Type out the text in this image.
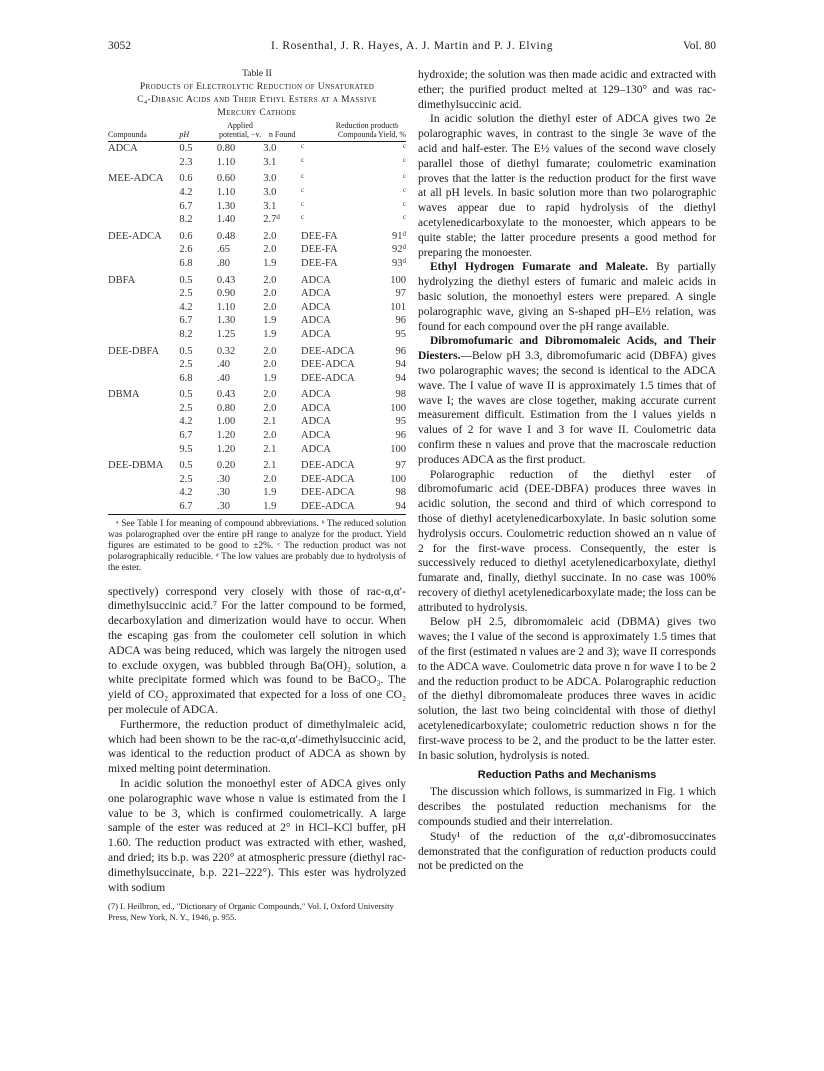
3052	I. Rosenthal, J. R. Hayes, A. J. Martin and P. J. Elving	Vol. 80
Table II
Products of Electrolytic Reduction of Unsaturated
C₄-Dibasic Acids and Their Ethyl Esters at a Massive
Mercury Cathode
Compounda	pH	Applied potential, −v.	n Found	Reduction productb
Compounda	Yield, %
ADCA	0.5	0.80	3.0	$^c$	$^c$
	2.3	1.10	3.1	$^c$	$^c$
MEE-ADCA	0.6	0.60	3.0	$^c$	$^c$
	4.2	1.10	3.0	$^c$	$^c$
	6.7	1.30	3.1	$^c$	$^c$
	8.2	1.40	2.7$^d$	$^c$	$^c$
DEE-ADCA	0.6	0.48	2.0	DEE-FA	91$^d$
	2.6	.65	2.0	DEE-FA	92$^d$
	6.8	.80	1.9	DEE-FA	93$^d$
DBFA	0.5	0.43	2.0	ADCA	100
	2.5	0.90	2.0	ADCA	97
	4.2	1.10	2.0	ADCA	101
	6.7	1.30	1.9	ADCA	96
	8.2	1.25	1.9	ADCA	95
DEE-DBFA	0.5	0.32	2.0	DEE-ADCA	96
	2.5	.40	2.0	DEE-ADCA	94
	6.8	.40	1.9	DEE-ADCA	94
DBMA	0.5	0.43	2.0	ADCA	98
	2.5	0.80	2.0	ADCA	100
	4.2	1.00	2.1	ADCA	95
	6.7	1.20	2.0	ADCA	96
	9.5	1.20	2.1	ADCA	100
DEE-DBMA	0.5	0.20	2.1	DEE-ADCA	97
	2.5	.30	2.0	DEE-ADCA	100
	4.2	.30	1.9	DEE-ADCA	98
	6.7	.30	1.9	DEE-ADCA	94

ᵃ See Table I for meaning of compound abbreviations. ᵇ The reduced solution was polarographed over the entire pH range to analyze for the product. Yield figures are estimated to be good to ±2%. ᶜ The reduction product was not polarographically reducible. ᵈ The low values are probably due to hydrolysis of the ester.

spectively) correspond very closely with those of rac-α,α′-dimethylsuccinic acid.⁷ For the latter compound to be formed, decarboxylation and dimerization would have to occur. When the escaping gas from the coulometer cell solution in which ADCA was being reduced, which was largely the nitrogen used to exclude oxygen, was bubbled through Ba(OH)₂ solution, a white precipitate formed which was found to be BaCO₃. The yield of CO₂ approximated that expected for a loss of one CO₂ per molecule of ADCA.

Furthermore, the reduction product of dimethylmaleic acid, which had been shown to be the rac-α,α′-dimethylsuccinic acid, was identical to the reduction product of ADCA as shown by mixed melting point determination.

In acidic solution the monoethyl ester of ADCA gives only one polarographic wave whose n value is estimated from the I value to be 3, which is confirmed coulometrically. A large sample of the ester was reduced at 2° in HCl–KCl buffer, pH 1.60. The reduction product was extracted with ether, washed, and dried; its b.p. was 220° at atmospheric pressure (diethyl rac-dimethylsuccinate, b.p. 221–222°). This ester was hydrolyzed with sodium

(7) I. Heilbron, ed., "Dictionary of Organic Compounds," Vol. I, Oxford University Press, New York, N. Y., 1946, p. 955.

hydroxide; the solution was then made acidic and extracted with ether; the purified product melted at 129–130° and was rac-dimethylsuccinic acid.

In acidic solution the diethyl ester of ADCA gives two 2e polarographic waves, in contrast to the single 3e wave of the acid and half-ester. The E½ values of the second wave closely parallel those of diethyl fumarate; coulometric examination proves that the latter is the reduction product for the first wave at all pH levels. In basic solution more than two polarographic waves appear due to rapid hydrolysis of the diethyl acetylenedicarboxylate to the monoester, which appears to be quite stable; the latter procedure presents a good method for preparing the monoester.

Ethyl Hydrogen Fumarate and Maleate. By partially hydrolyzing the diethyl esters of fumaric and maleic acids in basic solution, the monoethyl esters were prepared. A single polarographic wave, giving an S-shaped pH–E½ relation, was found for each compound over the pH range available.

Dibromofumaric and Dibromomaleic Acids, and Their Diesters.—Below pH 3.3, dibromofumaric acid (DBFA) gives two polarographic waves; the second is identical to the ADCA wave. The I value of wave II is approximately 1.5 times that of wave I; the waves are close together, making accurate current measurement difficult. Estimation from the I values yields n values of 2 for wave I and 3 for wave II. Coulometric data confirm these n values and prove that the macroscale reduction produces ADCA as the first product.

Polarographic reduction of the diethyl ester of dibromofumaric acid (DEE-DBFA) produces three waves in acidic solution, the second and third of which correspond to those of diethyl acetylenedicarboxylate. In basic solution some hydrolysis occurs. Coulometric reduction showed an n value of 2 for the first-wave process. Consequently, the ester is successively reduced to diethyl acetylenedicarboxylate, diethyl fumarate and, finally, diethyl succinate. In no case was 100% recovery of diethyl acetylenedicarboxylate made; the loss can be attributed to hydrolysis.

Below pH 2.5, dibromomaleic acid (DBMA) gives two waves; the I value of the second is approximately 1.5 times that of the first (estimated n values are 2 and 3); wave II corresponds to the ADCA wave. Coulometric data prove n for wave I to be 2 and the reduction product to be ADCA. Polarographic reduction of the diethyl dibromomaleate produces three waves in acidic solution, the last two being coincidental with those of diethyl acetylenedicarboxylate; coulometric reduction shows n for the first-wave process to be 2, and the product to be the latter ester. In basic solution, hydrolysis is noted.

Reduction Paths and Mechanisms

The discussion which follows, is summarized in Fig. 1 which describes the postulated reduction mechanisms for the compounds studied and their interrelation.

Study¹ of the reduction of the α,α′-dibromosuccinates demonstrated that the configuration of reduction products could not be predicted on the
